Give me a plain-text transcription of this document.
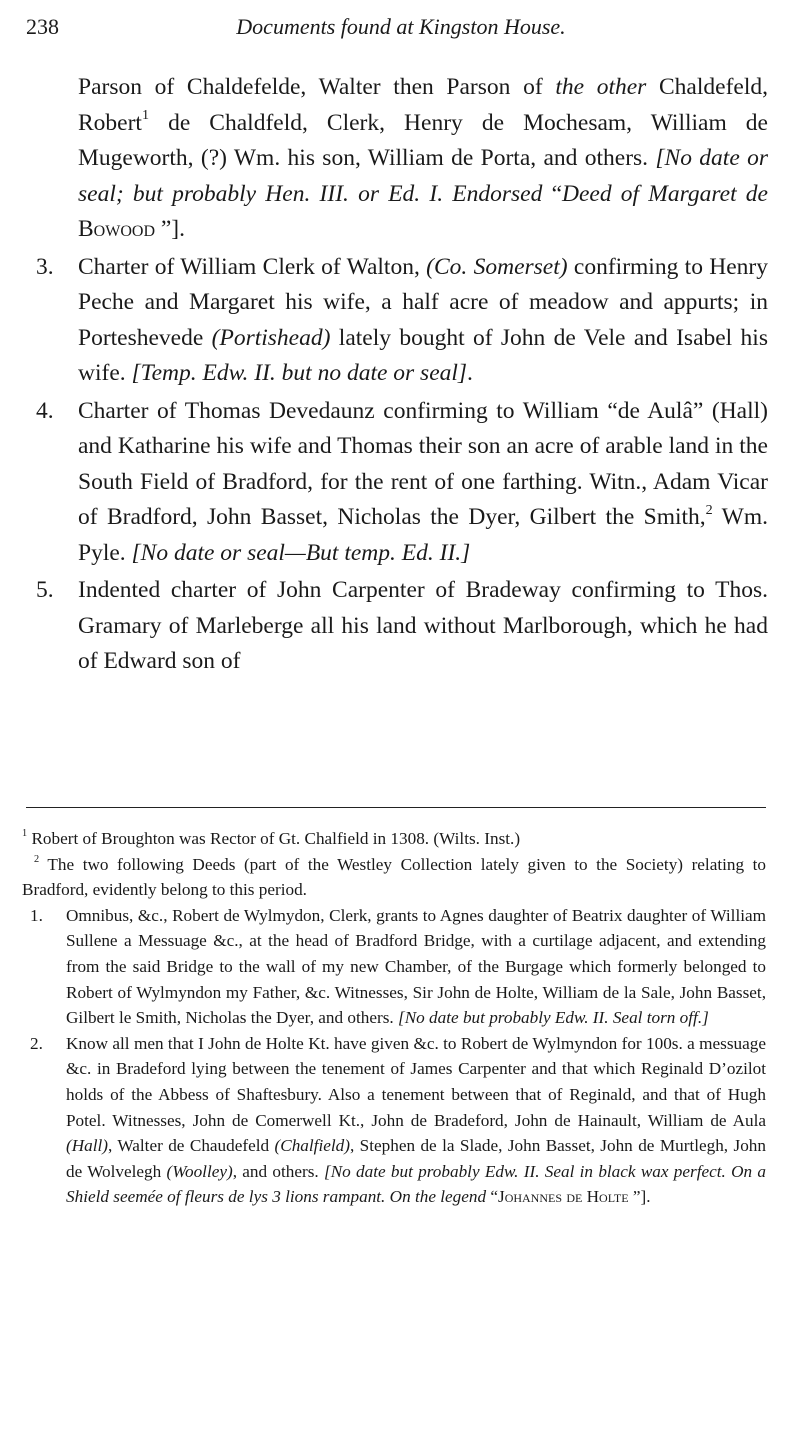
238	Documents found at Kingston House.

Parson of Chaldefelde, Walter then Parson of the other Chaldefeld, Robert$^1$ de Chaldfeld, Clerk, Henry de Mochesam, William de Mugeworth, (?) Wm. his son, William de Porta, and others. [No date or seal; but probably Hen. III. or Ed. I. Endorsed “Deed of Margaret de Bowood ”].

3. Charter of William Clerk of Walton, (Co. Somerset) confirming to Henry Peche and Margaret his wife, a half acre of meadow and appurts; in Porteshevede (Portishead) lately bought of John de Vele and Isabel his wife. [Temp. Edw. II. but no date or seal].

4. Charter of Thomas Devedaunz confirming to William “de Aulâ” (Hall) and Katharine his wife and Thomas their son an acre of arable land in the South Field of Bradford, for the rent of one farthing. Witn., Adam Vicar of Bradford, John Basset, Nicholas the Dyer, Gilbert the Smith,$^2$ Wm. Pyle. [No date or seal—But temp. Ed. II.]

5. Indented charter of John Carpenter of Bradeway confirming to Thos. Gramary of Marleberge all his land without Marlborough, which he had of Edward son of

$^1$ Robert of Broughton was Rector of Gt. Chalfield in 1308. (Wilts. Inst.)

$^2$ The two following Deeds (part of the Westley Collection lately given to the Society) relating to Bradford, evidently belong to this period.

1. Omnibus, &c., Robert de Wylmydon, Clerk, grants to Agnes daughter of Beatrix daughter of William Sullene a Messuage &c., at the head of Bradford Bridge, with a curtilage adjacent, and extending from the said Bridge to the wall of my new Chamber, of the Burgage which formerly belonged to Robert of Wylmyndon my Father, &c. Witnesses, Sir John de Holte, William de la Sale, John Basset, Gilbert le Smith, Nicholas the Dyer, and others. [No date but probably Edw. II. Seal torn off.]

2. Know all men that I John de Holte Kt. have given &c. to Robert de Wylmyndon for 100s. a messuage &c. in Bradeford lying between the tenement of James Carpenter and that which Reginald D’ozilot holds of the Abbess of Shaftesbury. Also a tenement between that of Reginald, and that of Hugh Potel. Witnesses, John de Comerwell Kt., John de Bradeford, John de Hainault, William de Aula (Hall), Walter de Chaudefeld (Chalfield), Stephen de la Slade, John Basset, John de Murtlegh, John de Wolvelegh (Woolley), and others. [No date but probably Edw. II. Seal in black wax perfect. On a Shield seemée of fleurs de lys 3 lions rampant. On the legend “Johannes de Holte ”].
